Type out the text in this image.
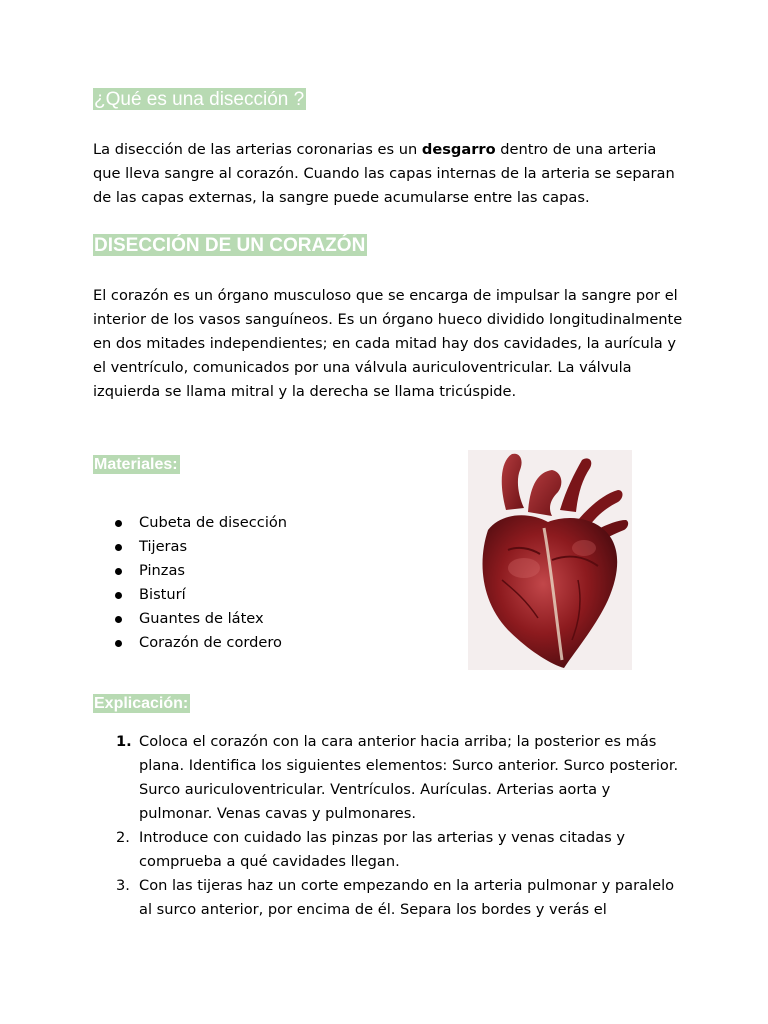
¿Qué es una disección ?

La disección de las arterias coronarias es un desgarro dentro de una arteria que lleva sangre al corazón. Cuando las capas internas de la arteria se separan de las capas externas, la sangre puede acumularse entre las capas.

DISECCIÓN DE UN CORAZÓN

El corazón es un órgano musculoso que se encarga de impulsar la sangre por el interior de los vasos sanguíneos. Es un órgano hueco dividido longitudinalmente en dos mitades independientes; en cada mitad hay dos cavidades, la aurícula y el ventrículo, comunicados por una válvula auriculoventricular. La válvula izquierda se llama mitral y la derecha se llama tricúspide.

Materiales:
Cubeta de disección
Tijeras
Pinzas
Bisturí
Guantes de látex
Corazón de cordero
Explicación:
1. Coloca el corazón con la cara anterior hacia arriba; la posterior es más plana. Identifica los siguientes elementos: Surco anterior. Surco posterior. Surco auriculoventricular. Ventrículos. Aurículas. Arterias aorta y pulmonar. Venas cavas y pulmonares.
2. Introduce con cuidado las pinzas por las arterias y venas citadas y comprueba a qué cavidades llegan.
3. Con las tijeras haz un corte empezando en la arteria pulmonar y paralelo al surco anterior, por encima de él. Separa los bordes y verás el
